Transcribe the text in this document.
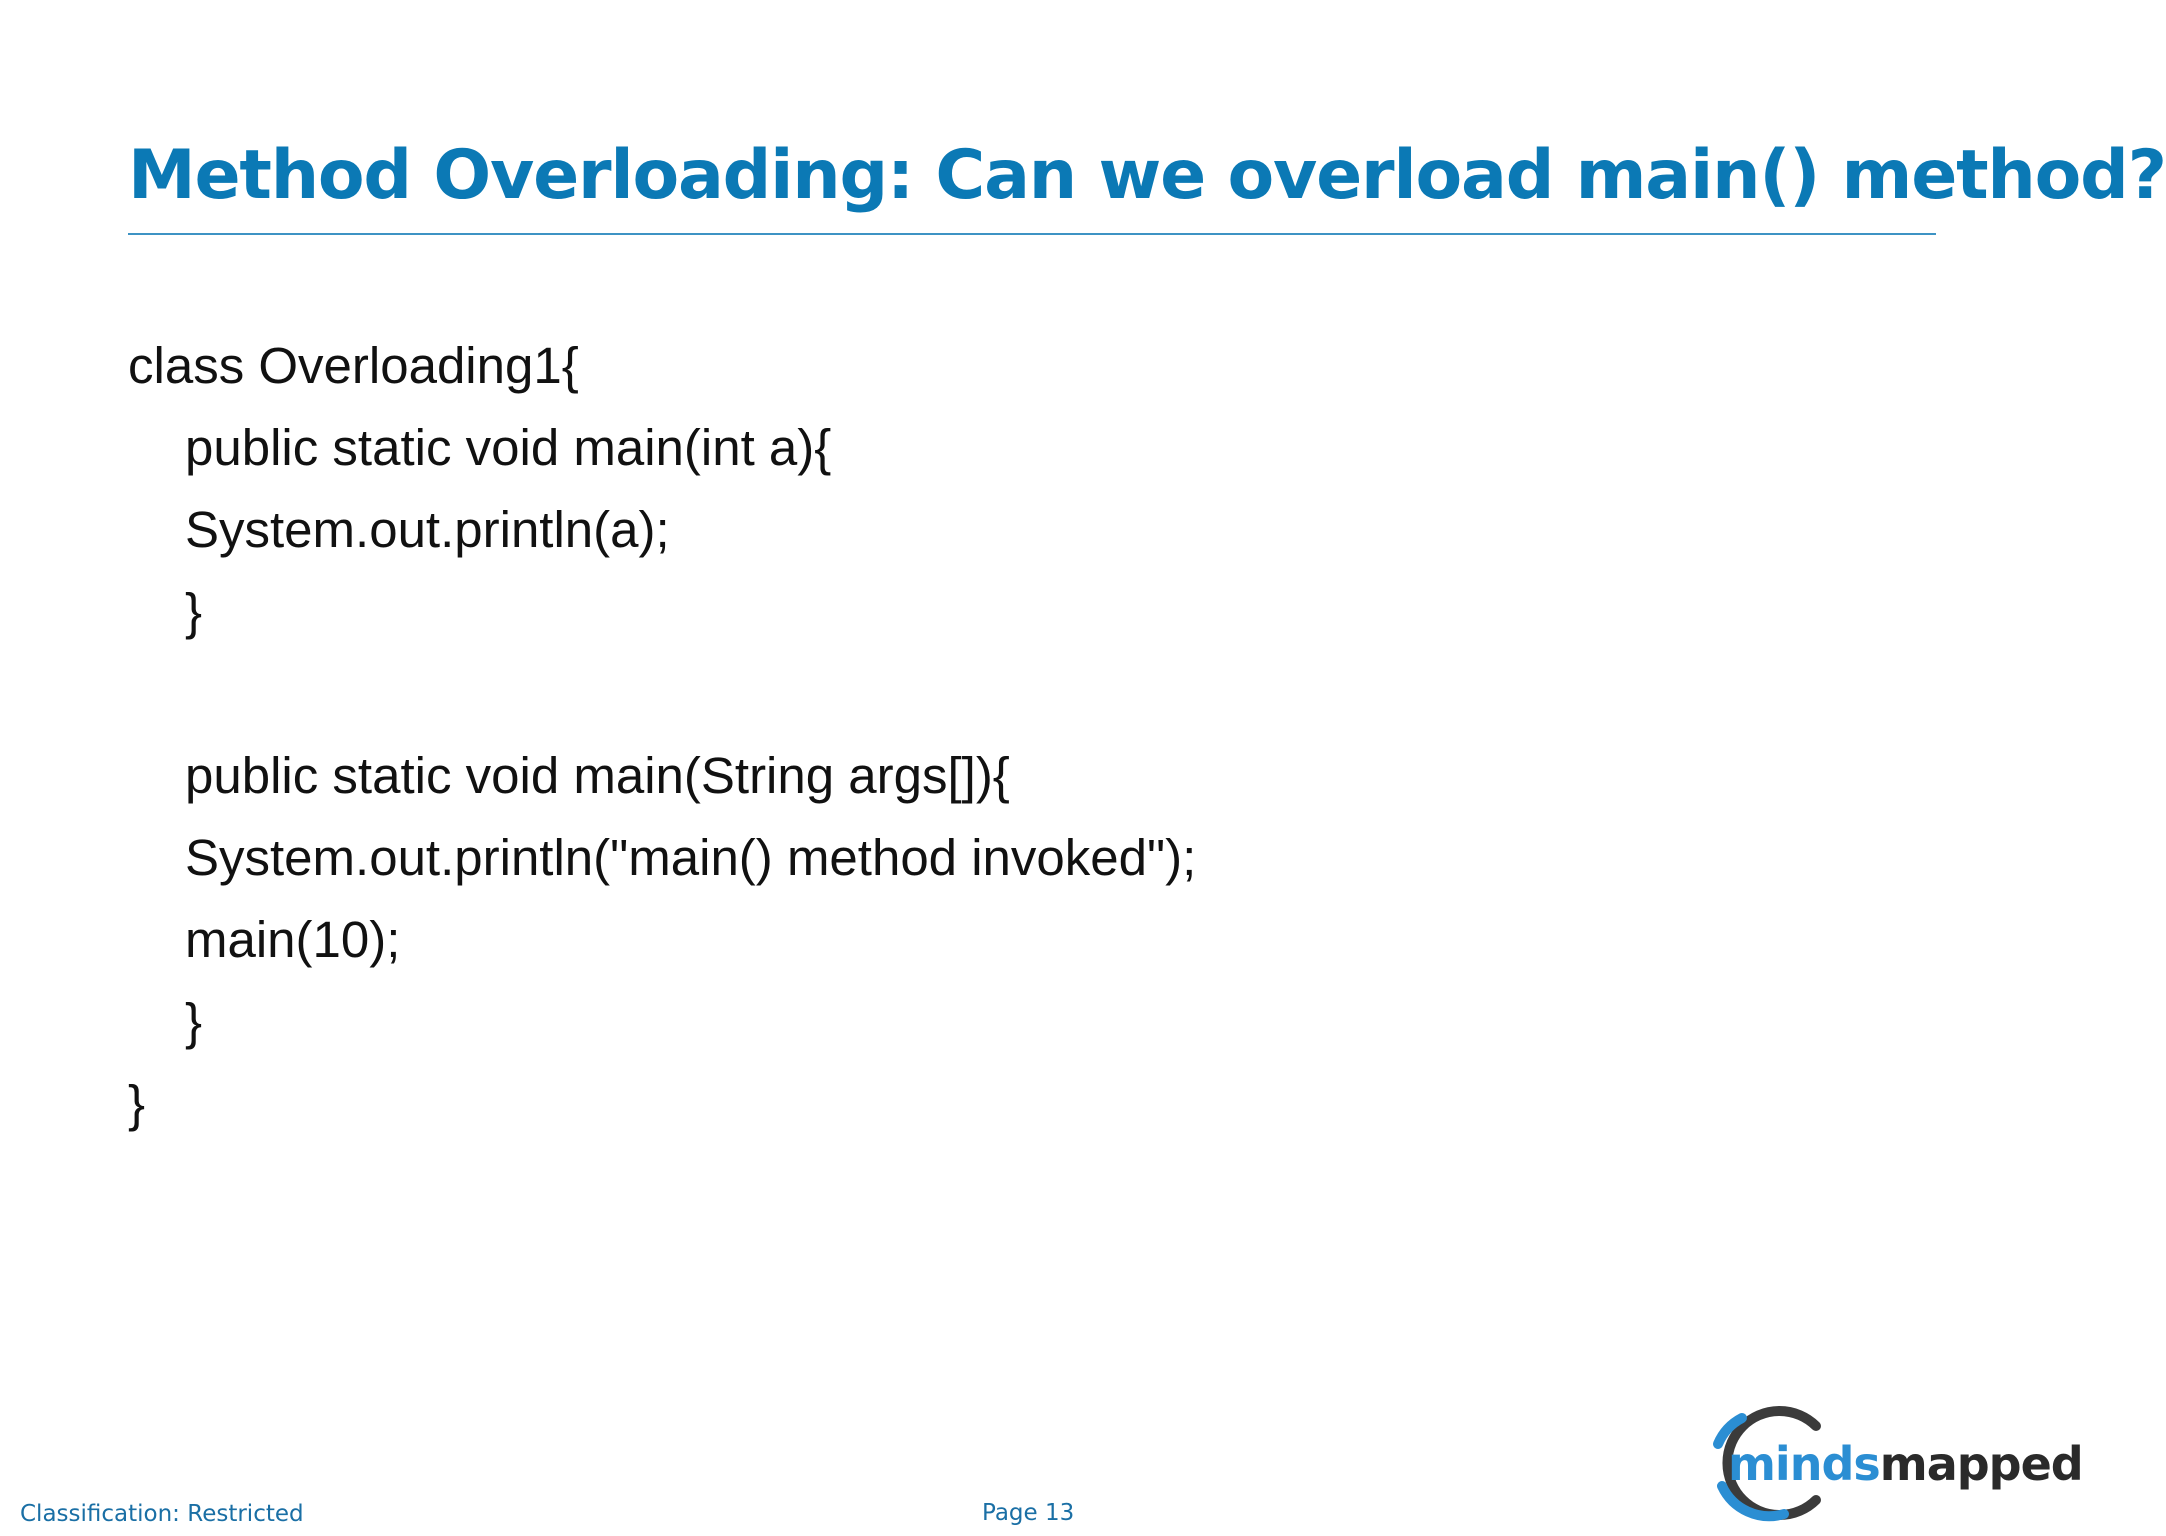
Method Overloading: Can we overload main() method?
class Overloading1{
public static void main(int a){
System.out.println(a);
}
public static void main(String args[]){
System.out.println("main() method invoked");
main(10);
}
}
Classification: Restricted	Page 13
mindsmapped
